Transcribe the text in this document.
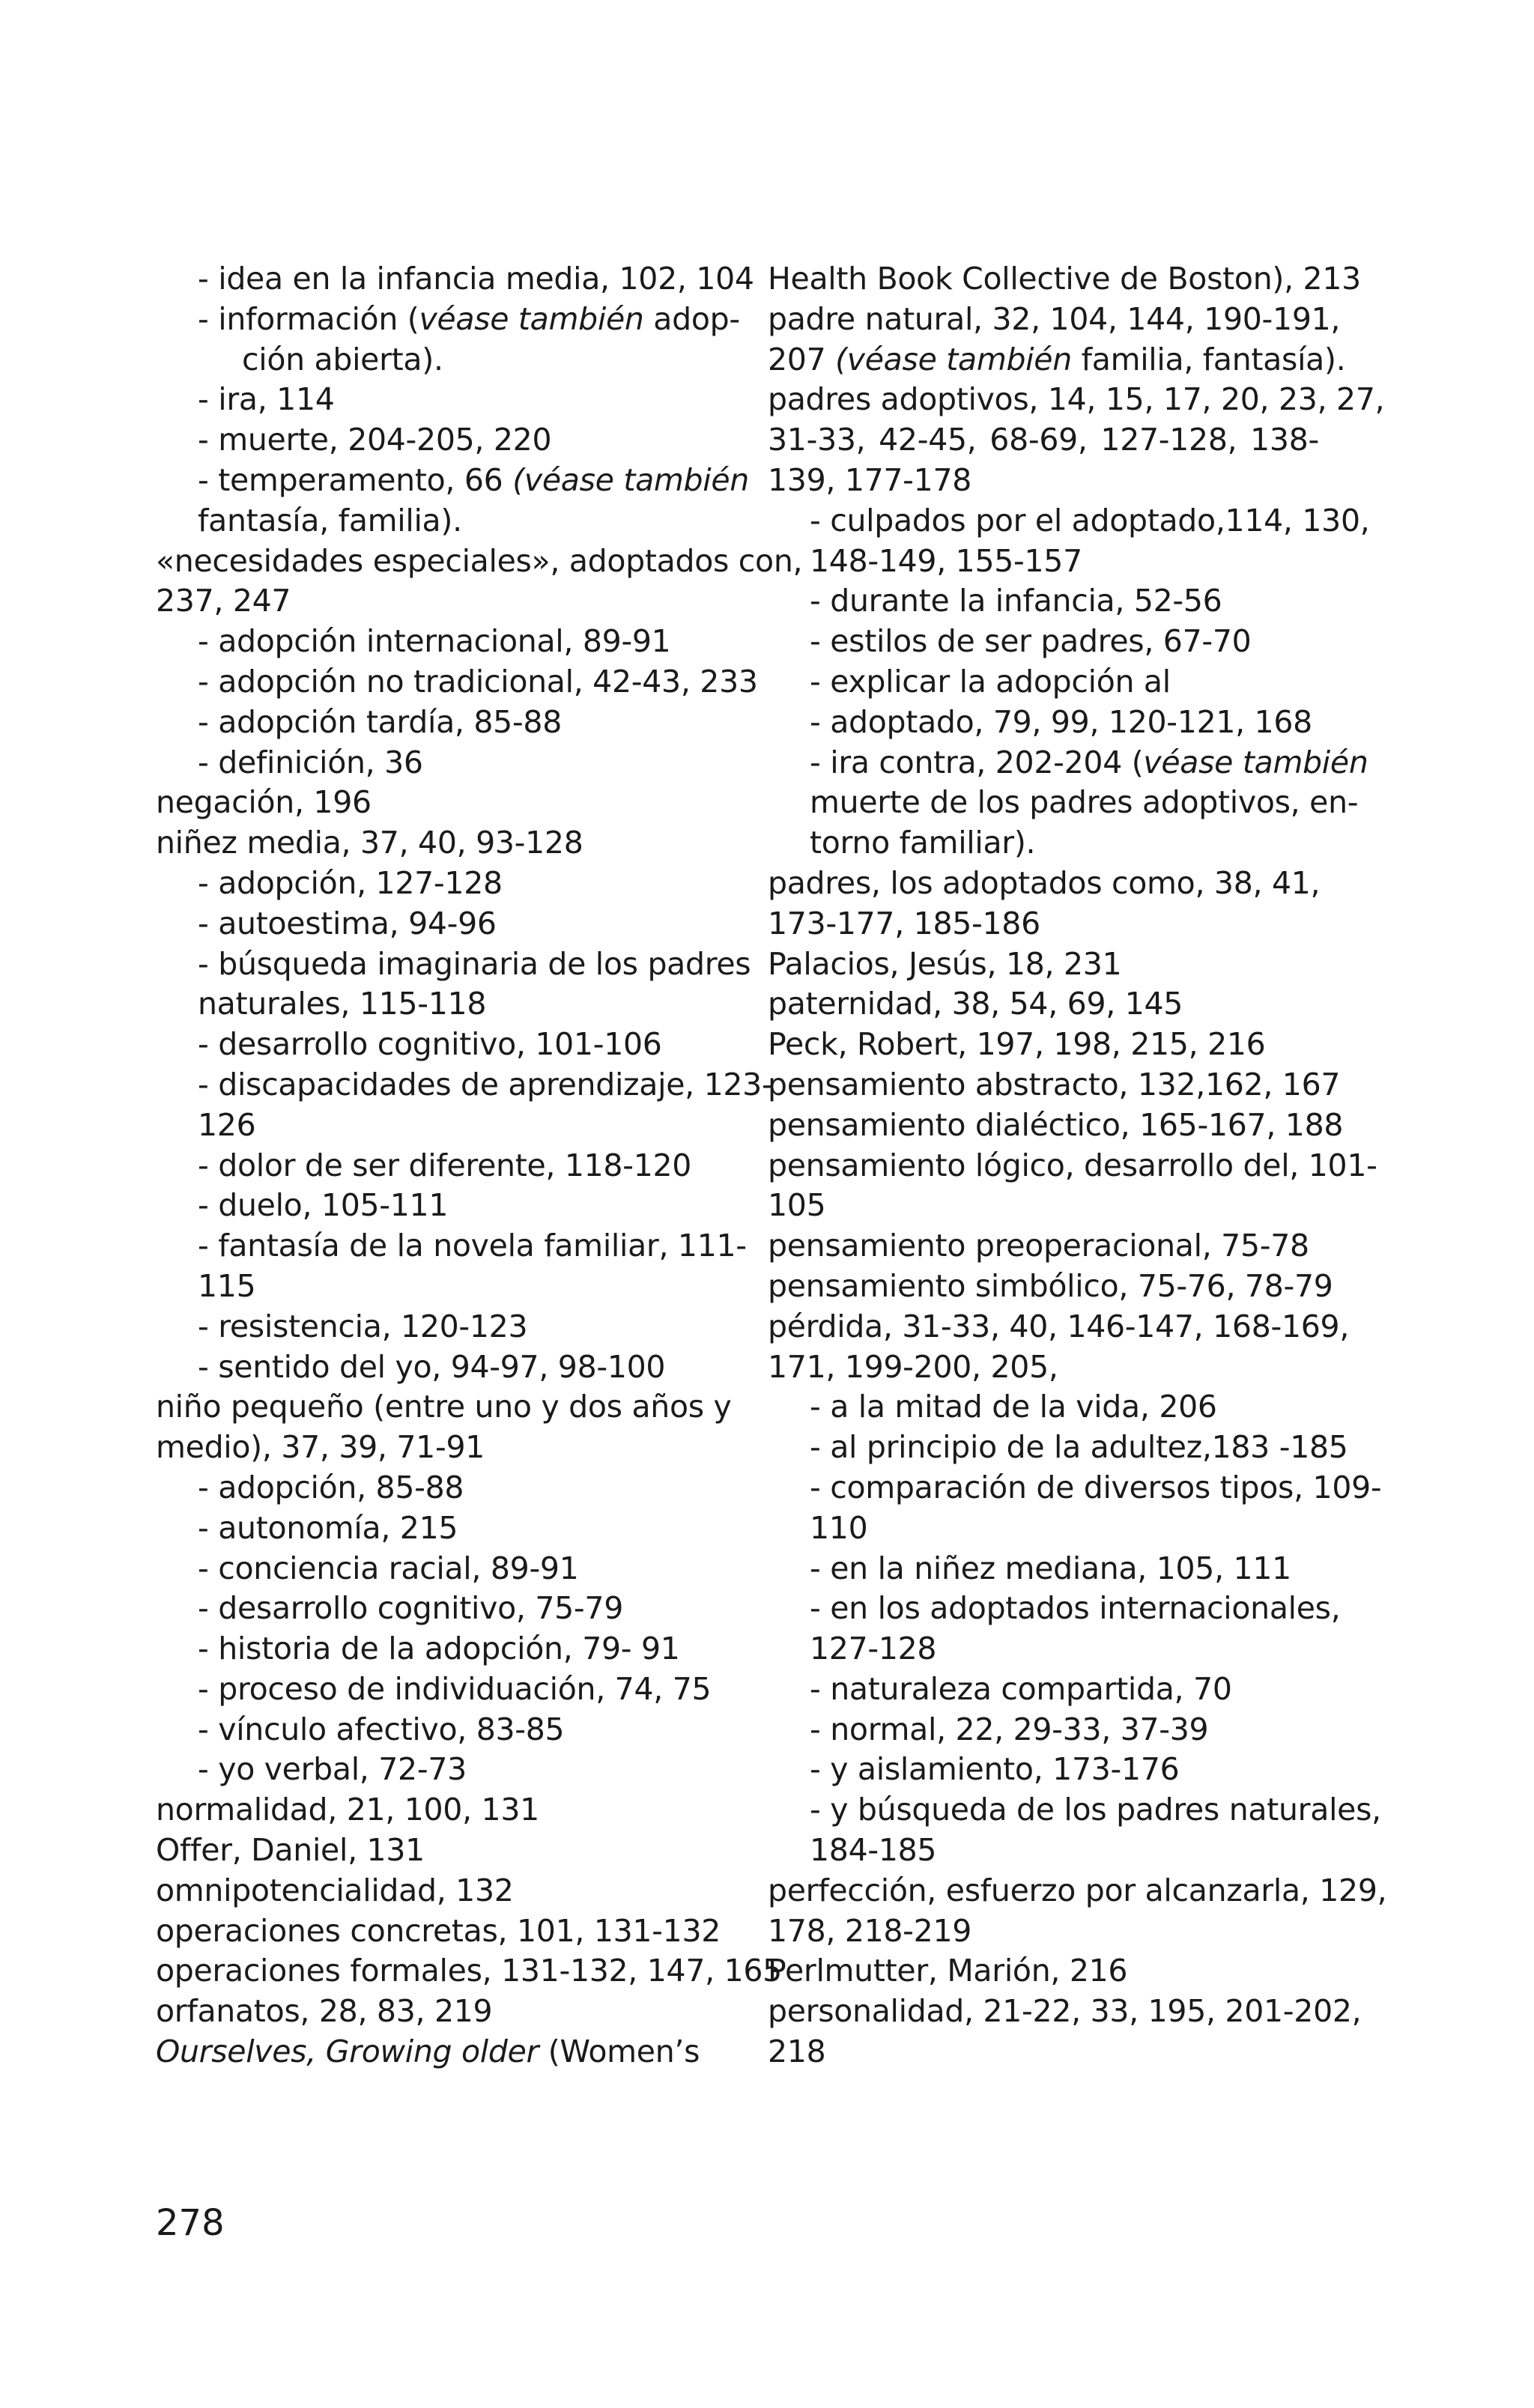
- idea en la infancia media, 102, 104
- información (véase también adop-
ción abierta).
- ira, 114
- muerte, 204-205, 220
- temperamento, 66 (véase también
fantasía, familia).
«necesidades especiales», adoptados con,
237, 247
- adopción internacional, 89-91
- adopción no tradicional, 42-43, 233
- adopción tardía, 85-88
- definición, 36
negación, 196
niñez media, 37, 40, 93-128
- adopción, 127-128
- autoestima, 94-96
- búsqueda imaginaria de los padres
naturales, 115-118
- desarrollo cognitivo, 101-106
- discapacidades de aprendizaje, 123-
126
- dolor de ser diferente, 118-120
- duelo, 105-111
- fantasía de la novela familiar, 111-
115
- resistencia, 120-123
- sentido del yo, 94-97, 98-100
niño pequeño (entre uno y dos años y
medio), 37, 39, 71-91
- adopción, 85-88
- autonomía, 215
- conciencia racial, 89-91
- desarrollo cognitivo, 75-79
- historia de la adopción, 79- 91
- proceso de individuación, 74, 75
- vínculo afectivo, 83-85
- yo verbal, 72-73
normalidad, 21, 100, 131
Offer, Daniel, 131
omnipotencialidad, 132
operaciones concretas, 101, 131-132
operaciones formales, 131-132, 147, 165
orfanatos, 28, 83, 219
Ourselves, Growing older (Women’s
Health Book Collective de Boston), 213
padre natural, 32, 104, 144, 190-191,
207 (véase también familia, fantasía).
padres adoptivos, 14, 15, 17, 20, 23, 27,
31-33, 42-45, 68-69, 127-128, 138-
139, 177-178
- culpados por el adoptado,114, 130,
148-149, 155-157
- durante la infancia, 52-56
- estilos de ser padres, 67-70
- explicar la adopción al
- adoptado, 79, 99, 120-121, 168
- ira contra, 202-204 (véase también
muerte de los padres adoptivos, en-
torno familiar).
padres, los adoptados como, 38, 41,
173-177, 185-186
Palacios, Jesús, 18, 231
paternidad, 38, 54, 69, 145
Peck, Robert, 197, 198, 215, 216
pensamiento abstracto, 132,162, 167
pensamiento dialéctico, 165-167, 188
pensamiento lógico, desarrollo del, 101-
105
pensamiento preoperacional, 75-78
pensamiento simbólico, 75-76, 78-79
pérdida, 31-33, 40, 146-147, 168-169,
171, 199-200, 205,
- a la mitad de la vida, 206
- al principio de la adultez,183 -185
- comparación de diversos tipos, 109-
110
- en la niñez mediana, 105, 111
- en los adoptados internacionales,
127-128
- naturaleza compartida, 70
- normal, 22, 29-33, 37-39
- y aislamiento, 173-176
- y búsqueda de los padres naturales,
184-185
perfección, esfuerzo por alcanzarla, 129,
178, 218-219
Perlmutter, Marión, 216
personalidad, 21-22, 33, 195, 201-202,
218
278
